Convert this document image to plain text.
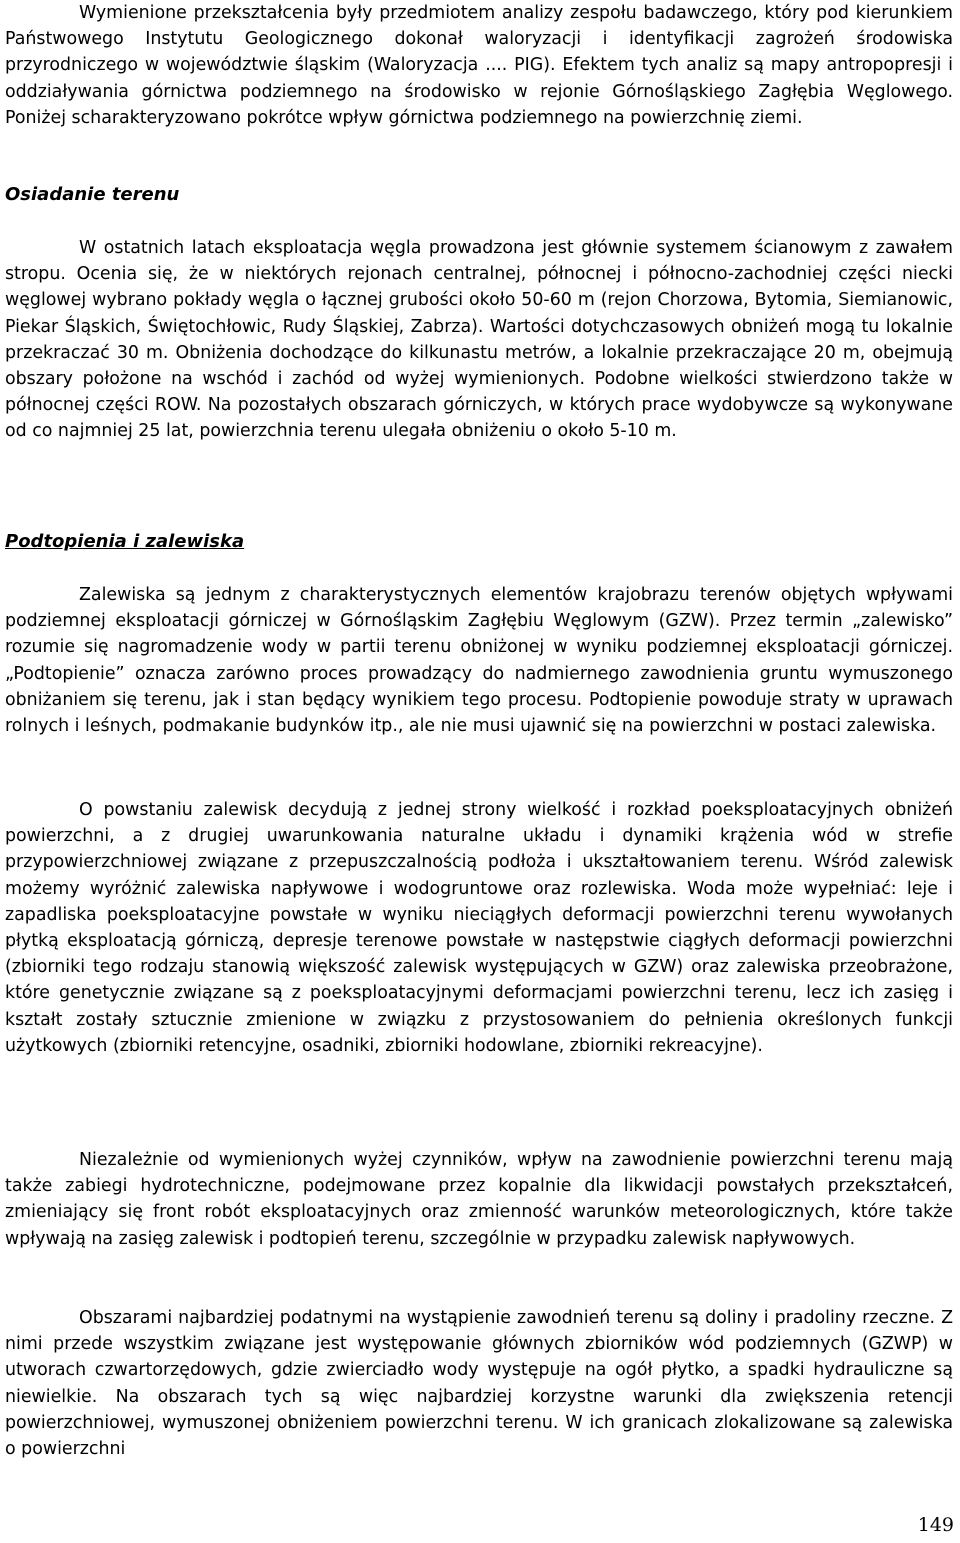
Wymienione przekształcenia były przedmiotem analizy zespołu badawczego, który pod kierunkiem Państwowego Instytutu Geologicznego dokonał waloryzacji i identyfikacji zagrożeń środowiska przyrodniczego w województwie śląskim (Waloryzacja .... PIG). Efektem tych analiz są mapy antropopresji i oddziaływania górnictwa podziemnego na środowisko w rejonie Górnośląskiego Zagłębia Węglowego. Poniżej scharakteryzowano pokrótce wpływ górnictwa podziemnego na powierzchnię ziemi.

Osiadanie terenu

W ostatnich latach eksploatacja węgla prowadzona jest głównie systemem ścianowym z zawałem stropu. Ocenia się, że w niektórych rejonach centralnej, północnej i północno-zachodniej części niecki węglowej wybrano pokłady węgla o łącznej grubości około 50-60 m (rejon Chorzowa, Bytomia, Siemianowic, Piekar Śląskich, Świętochłowic, Rudy Śląskiej, Zabrza). Wartości dotychczasowych obniżeń mogą tu lokalnie przekraczać 30 m. Obniżenia dochodzące do kilkunastu metrów, a lokalnie przekraczające 20 m, obejmują obszary położone na wschód i zachód od wyżej wymienionych. Podobne wielkości stwierdzono także w północnej części ROW. Na pozostałych obszarach górniczych, w których prace wydobywcze są wykonywane od co najmniej 25 lat, powierzchnia terenu ulegała obniżeniu o około 5-10 m.

Podtopienia i zalewiska

Zalewiska są jednym z charakterystycznych elementów krajobrazu terenów objętych wpływami podziemnej eksploatacji górniczej w Górnośląskim Zagłębiu Węglowym (GZW). Przez termin „zalewisko” rozumie się nagromadzenie wody w partii terenu obniżonej w wyniku podziemnej eksploatacji górniczej. „Podtopienie” oznacza zarówno proces prowadzący do nadmiernego zawodnienia gruntu wymuszonego obniżaniem się terenu, jak i stan będący wynikiem tego procesu. Podtopienie powoduje straty w uprawach rolnych i leśnych, podmakanie budynków itp., ale nie musi ujawnić się na powierzchni w postaci zalewiska.

O powstaniu zalewisk decydują z jednej strony wielkość i rozkład poeksploatacyjnych obniżeń powierzchni, a z drugiej uwarunkowania naturalne układu i dynamiki krążenia wód w strefie przypowierzchniowej związane z przepuszczalnością podłoża i ukształtowaniem terenu. Wśród zalewisk możemy wyróżnić zalewiska napływowe i wodogruntowe oraz rozlewiska. Woda może wypełniać: leje i zapadliska poeksploatacyjne powstałe w wyniku nieciągłych deformacji powierzchni terenu wywołanych płytką eksploatacją górniczą, depresje terenowe powstałe w następstwie ciągłych deformacji powierzchni (zbiorniki tego rodzaju stanowią większość zalewisk występujących w GZW) oraz zalewiska przeobrażone, które genetycznie związane są z poeksploatacyjnymi deformacjami powierzchni terenu, lecz ich zasięg i kształt zostały sztucznie zmienione w związku z przystosowaniem do pełnienia określonych funkcji użytkowych (zbiorniki retencyjne, osadniki, zbiorniki hodowlane, zbiorniki rekreacyjne).

Niezależnie od wymienionych wyżej czynników, wpływ na zawodnienie powierzchni terenu mają także zabiegi hydrotechniczne, podejmowane przez kopalnie dla likwidacji powstałych przekształceń, zmieniający się front robót eksploatacyjnych oraz zmienność warunków meteorologicznych, które także wpływają na zasięg zalewisk i podtopień terenu, szczególnie w przypadku zalewisk napływowych.

Obszarami najbardziej podatnymi na wystąpienie zawodnień terenu są doliny i pradoliny rzeczne. Z nimi przede wszystkim związane jest występowanie głównych zbiorników wód podziemnych (GZWP) w utworach czwartorzędowych, gdzie zwierciadło wody występuje na ogół płytko, a spadki hydrauliczne są niewielkie. Na obszarach tych są więc najbardziej korzystne warunki dla zwiększenia retencji powierzchniowej, wymuszonej obniżeniem powierzchni terenu. W ich granicach zlokalizowane są zalewiska o powierzchni

149
